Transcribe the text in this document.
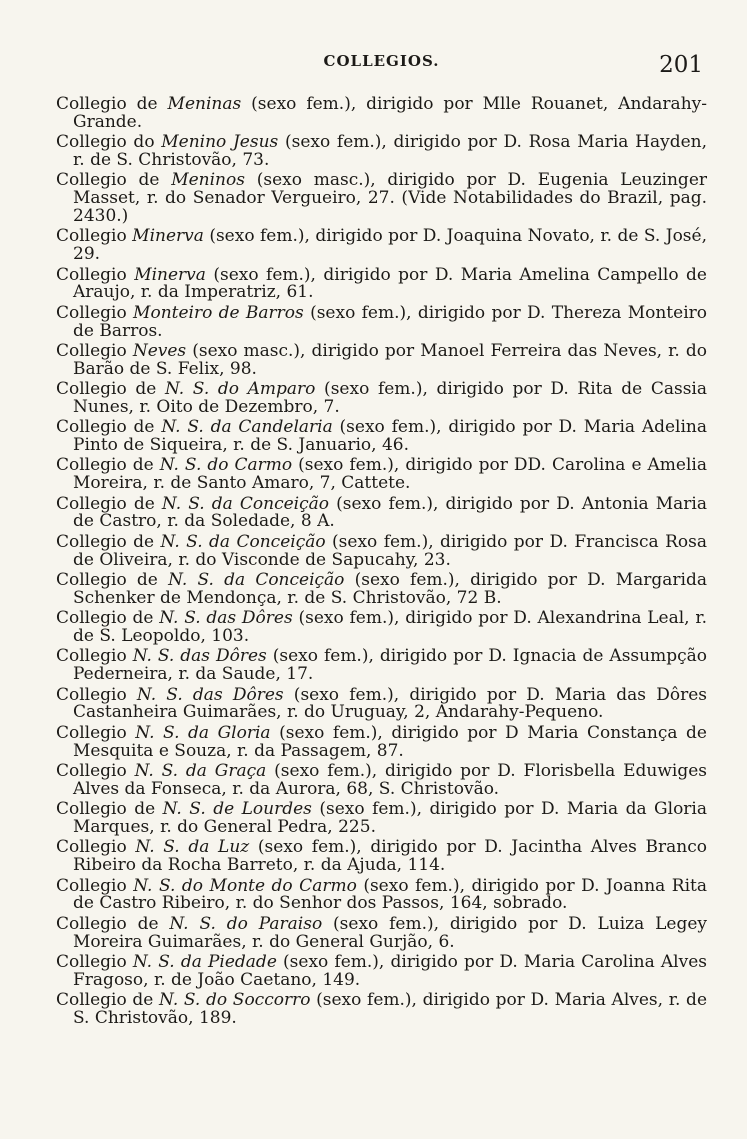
COLLEGIOS.	201
Collegio de Meninas (sexo fem.), dirigido por Mlle Rouanet, Andarahy-Grande.
Collegio do Menino Jesus (sexo fem.), dirigido por D. Rosa Maria Hayden, r. de S. Christovão, 73.
Collegio de Meninos (sexo masc.), dirigido por D. Eugenia Leuzinger Masset, r. do Senador Vergueiro, 27. (Vide Notabilidades do Brazil, pag. 2430.)
Collegio Minerva (sexo fem.), dirigido por D. Joaquina Novato, r. de S. José, 29.
Collegio Minerva (sexo fem.), dirigido por D. Maria Amelina Campello de Araujo, r. da Imperatriz, 61.
Collegio Monteiro de Barros (sexo fem.), dirigido por D. Thereza Monteiro de Barros.
Collegio Neves (sexo masc.), dirigido por Manoel Ferreira das Neves, r. do Barão de S. Felix, 98.
Collegio de N. S. do Amparo (sexo fem.), dirigido por D. Rita de Cassia Nunes, r. Oito de Dezembro, 7.
Collegio de N. S. da Candelaria (sexo fem.), dirigido por D. Maria Adelina Pinto de Siqueira, r. de S. Januario, 46.
Collegio de N. S. do Carmo (sexo fem.), dirigido por DD. Carolina e Amelia Moreira, r. de Santo Amaro, 7, Cattete.
Collegio de N. S. da Conceição (sexo fem.), dirigido por D. Antonia Maria de Castro, r. da Soledade, 8 A.
Collegio de N. S. da Conceição (sexo fem.), dirigido por D. Francisca Rosa de Oliveira, r. do Visconde de Sapucahy, 23.
Collegio de N. S. da Conceição (sexo fem.), dirigido por D. Margarida Schenker de Mendonça, r. de S. Christovão, 72 B.
Collegio de N. S. das Dôres (sexo fem.), dirigido por D. Alexandrina Leal, r. de S. Leopoldo, 103.
Collegio N. S. das Dôres (sexo fem.), dirigido por D. Ignacia de Assumpção Pederneira, r. da Saude, 17.
Collegio N. S. das Dôres (sexo fem.), dirigido por D. Maria das Dôres Castanheira Guimarães, r. do Uruguay, 2, Andarahy-Pequeno.
Collegio N. S. da Gloria (sexo fem.), dirigido por D Maria Constança de Mesquita e Souza, r. da Passagem, 87.
Collegio N. S. da Graça (sexo fem.), dirigido por D. Florisbella Eduwiges Alves da Fonseca, r. da Aurora, 68, S. Christovão.
Collegio de N. S. de Lourdes (sexo fem.), dirigido por D. Maria da Gloria Marques, r. do General Pedra, 225.
Collegio N. S. da Luz (sexo fem.), dirigido por D. Jacintha Alves Branco Ribeiro da Rocha Barreto, r. da Ajuda, 114.
Collegio N. S. do Monte do Carmo (sexo fem.), dirigido por D. Joanna Rita de Castro Ribeiro, r. do Senhor dos Passos, 164, sobrado.
Collegio de N. S. do Paraiso (sexo fem.), dirigido por D. Luiza Legey Moreira Guimarães, r. do General Gurjão, 6.
Collegio N. S. da Piedade (sexo fem.), dirigido por D. Maria Carolina Alves Fragoso, r. de João Caetano, 149.
Collegio de N. S. do Soccorro (sexo fem.), dirigido por D. Maria Alves, r. de S. Christovão, 189.
